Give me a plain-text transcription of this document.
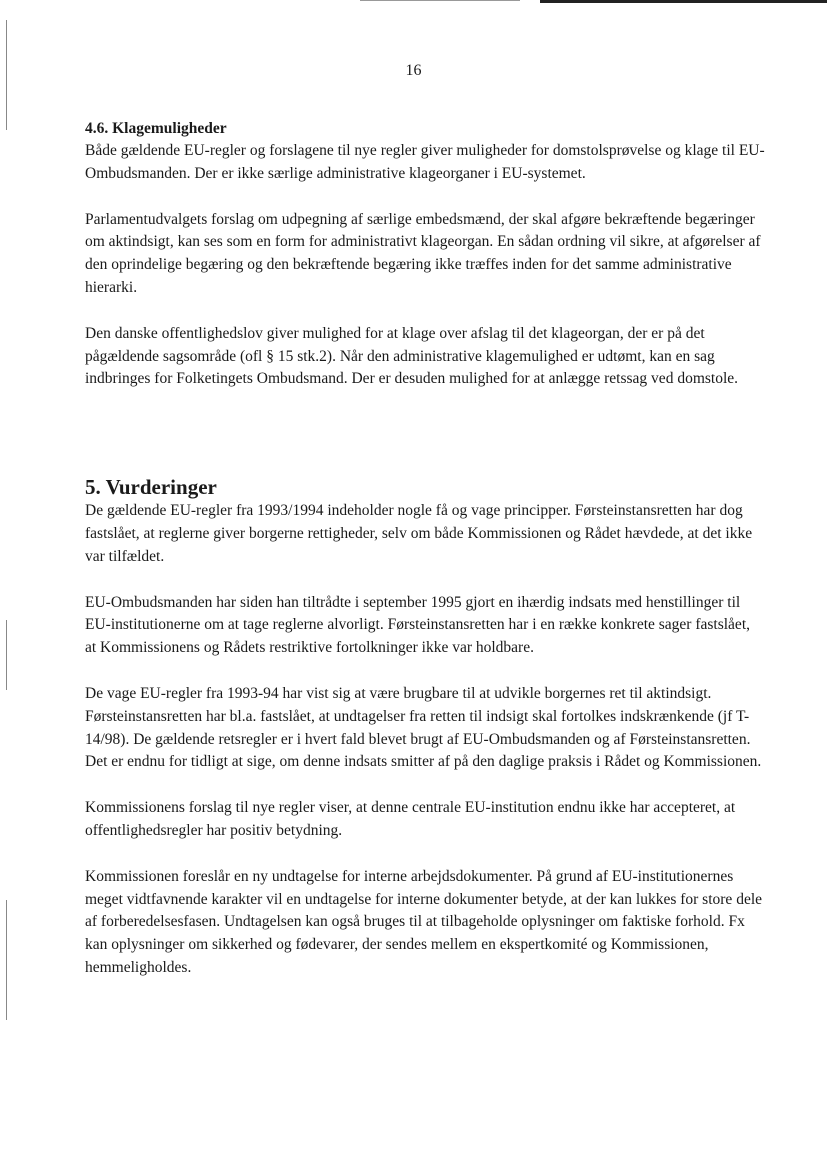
16
4.6. Klagemuligheder

Både gældende EU-regler og forslagene til nye regler giver muligheder for domstolsprøvelse og klage til EU-Ombudsmanden. Der er ikke særlige administrative klageorganer i EU-systemet.

Parlamentudvalgets forslag om udpegning af særlige embedsmænd, der skal afgøre bekræftende begæringer om aktindsigt, kan ses som en form for administrativt klageorgan. En sådan ordning vil sikre, at afgørelser af den oprindelige begæring og den bekræftende begæring ikke træffes inden for det samme administrative hierarki.

Den danske offentlighedslov giver mulighed for at klage over afslag til det klageorgan, der er på det pågældende sagsområde (ofl § 15 stk.2). Når den administrative klagemulighed er udtømt, kan en sag indbringes for Folketingets Ombudsmand. Der er desuden mulighed for at anlægge retssag ved domstole.

5. Vurderinger

De gældende EU-regler fra 1993/1994 indeholder nogle få og vage principper. Førsteinstansretten har dog fastslået, at reglerne giver borgerne rettigheder, selv om både Kommissionen og Rådet hævdede, at det ikke var tilfældet.

EU-Ombudsmanden har siden han tiltrådte i september 1995 gjort en ihærdig indsats med henstillinger til EU-institutionerne om at tage reglerne alvorligt. Førsteinstansretten har i en række konkrete sager fastslået, at Kommissionens og Rådets restriktive fortolkninger ikke var holdbare.

De vage EU-regler fra 1993-94 har vist sig at være brugbare til at udvikle borgernes ret til aktindsigt. Førsteinstansretten har bl.a. fastslået, at undtagelser fra retten til indsigt skal fortolkes indskrænkende (jf T-14/98). De gældende retsregler er i hvert fald blevet brugt af EU-Ombudsmanden og af Førsteinstansretten. Det er endnu for tidligt at sige, om denne indsats smitter af på den daglige praksis i Rådet og Kommissionen.

Kommissionens forslag til nye regler viser, at denne centrale EU-institution endnu ikke har accepteret, at offentlighedsregler har positiv betydning.

Kommissionen foreslår en ny undtagelse for interne arbejdsdokumenter. På grund af EU-institutionernes meget vidtfavnende karakter vil en undtagelse for interne dokumenter betyde, at der kan lukkes for store dele af forberedelsesfasen. Undtagelsen kan også bruges til at tilbageholde oplysninger om faktiske forhold. Fx kan oplysninger om sikkerhed og fødevarer, der sendes mellem en ekspertkomité og Kommissionen, hemmeligholdes.
